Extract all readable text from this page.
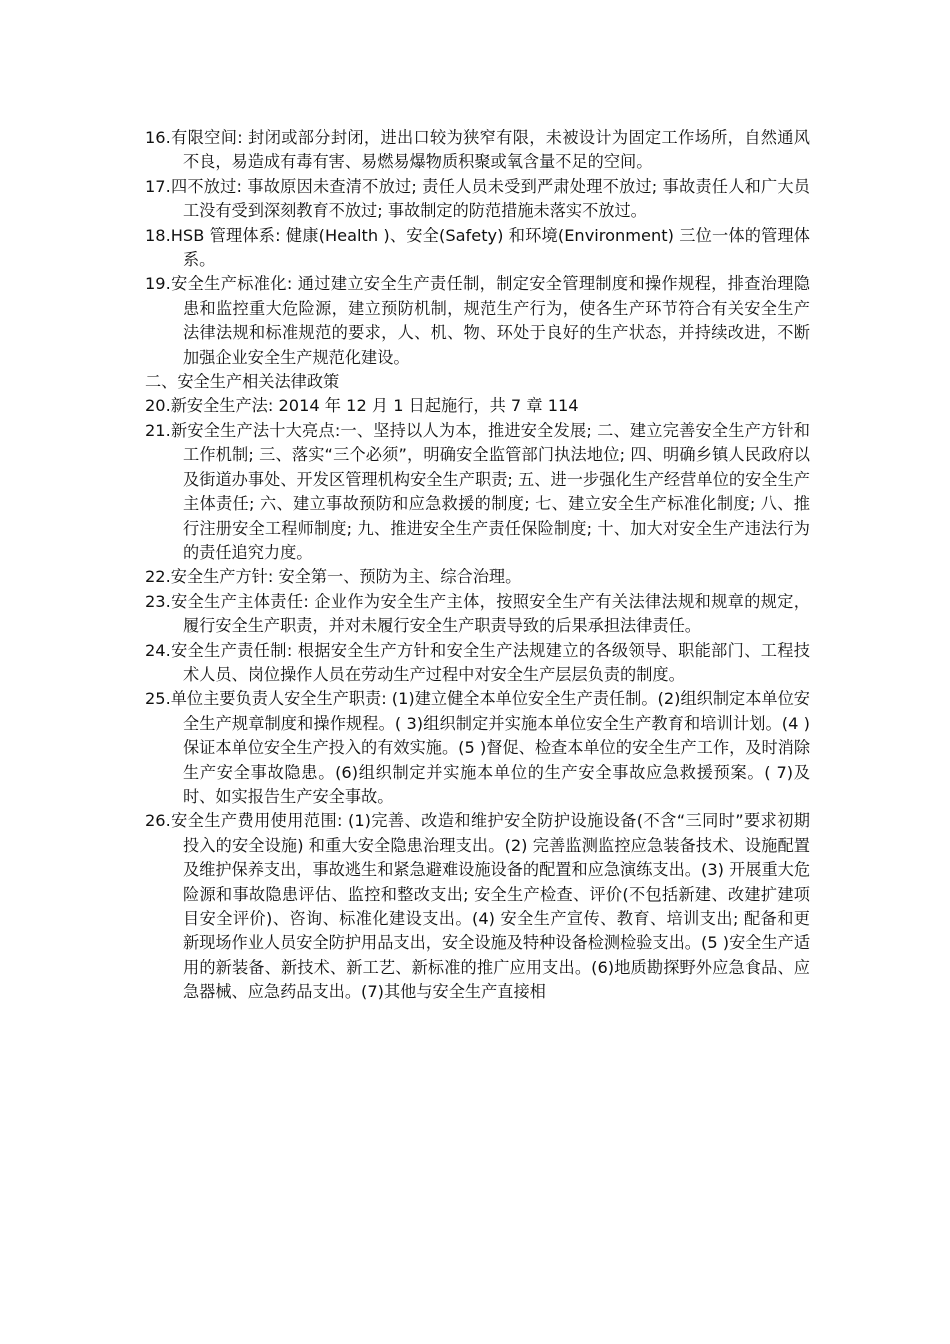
16.有限空间: 封闭或部分封闭，进出口较为狭窄有限，未被设计为固定工作场所，自然通风不良，易造成有毒有害、易燃易爆物质积聚或氧含量不足的空间。

17.四不放过: 事故原因未查清不放过; 责任人员未受到严肃处理不放过; 事故责任人和广大员工没有受到深刻教育不放过; 事故制定的防范措施未落实不放过。

18.HSB 管理体系: 健康(Health )、安全(Safety) 和环境(Environment) 三位一体的管理体系。

19.安全生产标准化: 通过建立安全生产责任制，制定安全管理制度和操作规程，排查治理隐患和监控重大危险源，建立预防机制，规范生产行为，使各生产环节符合有关安全生产法律法规和标准规范的要求，人、机、物、环处于良好的生产状态，并持续改进，不断加强企业安全生产规范化建设。

二、安全生产相关法律政策

20.新安全生产法: 2014 年 12 月 1 日起施行，共 7 章 114

21.新安全生产法十大亮点:一、坚持以人为本，推进安全发展; 二、建立完善安全生产方针和工作机制; 三、落实“三个必须”，明确安全监管部门执法地位; 四、明确乡镇人民政府以及街道办事处、开发区管理机构安全生产职责; 五、进一步强化生产经营单位的安全生产主体责任; 六、建立事故预防和应急救援的制度; 七、建立安全生产标准化制度; 八、推行注册安全工程师制度; 九、推进安全生产责任保险制度; 十、加大对安全生产违法行为的责任追究力度。

22.安全生产方针: 安全第一、预防为主、综合治理。

23.安全生产主体责任: 企业作为安全生产主体，按照安全生产有关法律法规和规章的规定，履行安全生产职责，并对未履行安全生产职责导致的后果承担法律责任。

24.安全生产责任制: 根据安全生产方针和安全生产法规建立的各级领导、职能部门、工程技术人员、岗位操作人员在劳动生产过程中对安全生产层层负责的制度。

25.单位主要负责人安全生产职责: (1)建立健全本单位安全生产责任制。(2)组织制定本单位安全生产规章制度和操作规程。( 3)组织制定并实施本单位安全生产教育和培训计划。(4 )保证本单位安全生产投入的有效实施。(5 )督促、检查本单位的安全生产工作，及时消除生产安全事故隐患。(6)组织制定并实施本单位的生产安全事故应急救援预案。( 7)及时、如实报告生产安全事故。

26.安全生产费用使用范围: (1)完善、改造和维护安全防护设施设备(不含“三同时”要求初期投入的安全设施) 和重大安全隐患治理支出。(2) 完善监测监控应急装备技术、设施配置及维护保养支出，事故逃生和紧急避难设施设备的配置和应急演练支出。(3) 开展重大危险源和事故隐患评估、监控和整改支出; 安全生产检查、评价(不包括新建、改建扩建项目安全评价)、咨询、标准化建设支出。(4) 安全生产宣传、教育、培训支出; 配备和更新现场作业人员安全防护用品支出，安全设施及特种设备检测检验支出。(5 )安全生产适用的新装备、新技术、新工艺、新标准的推广应用支出。(6)地质勘探野外应急食品、应急器械、应急药品支出。(7)其他与安全生产直接相
